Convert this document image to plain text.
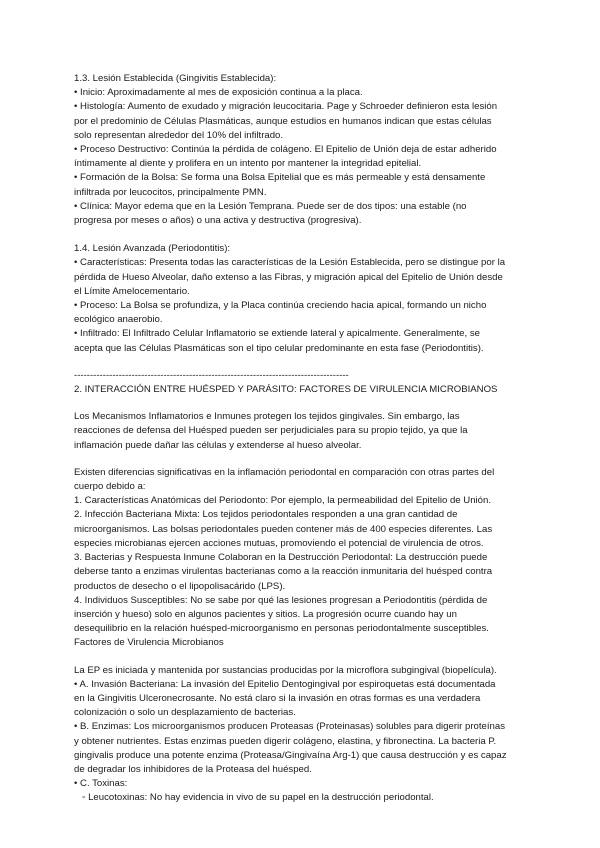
1.3. Lesión Establecida (Gingivitis Establecida):
• Inicio: Aproximadamente al mes de exposición continua a la placa.
• Histología: Aumento de exudado y migración leucocitaria. Page y Schroeder definieron esta lesión
por el predominio de Células Plasmáticas, aunque estudios en humanos indican que estas células
solo representan alrededor del 10% del infiltrado.
• Proceso Destructivo: Continúa la pérdida de colágeno. El Epitelio de Unión deja de estar adherido
íntimamente al diente y prolifera en un intento por mantener la integridad epitelial.
• Formación de la Bolsa: Se forma una Bolsa Epitelial que es más permeable y está densamente
infiltrada por leucocitos, principalmente PMN.
• Clínica: Mayor edema que en la Lesión Temprana. Puede ser de dos tipos: una estable (no
progresa por meses o años) o una activa y destructiva (progresiva).
1.4. Lesión Avanzada (Periodontitis):
• Características: Presenta todas las características de la Lesión Establecida, pero se distingue por la
pérdida de Hueso Alveolar, daño extenso a las Fibras, y migración apical del Epitelio de Unión desde
el Límite Amelocementario.
• Proceso: La Bolsa se profundiza, y la Placa continúa creciendo hacia apical, formando un nicho
ecológico anaerobio.
• Infiltrado: El Infiltrado Celular Inflamatorio se extiende lateral y apicalmente. Generalmente, se
acepta que las Células Plasmáticas son el tipo celular predominante en esta fase (Periodontitis).
--------------------------------------------------------------------------------------
2. INTERACCIÓN ENTRE HUÉSPED Y PARÁSITO: FACTORES DE VIRULENCIA MICROBIANOS
Los Mecanismos Inflamatorios e Inmunes protegen los tejidos gingivales. Sin embargo, las
reacciones de defensa del Huésped pueden ser perjudiciales para su propio tejido, ya que la
inflamación puede dañar las células y extenderse al hueso alveolar.
Existen diferencias significativas en la inflamación periodontal en comparación con otras partes del
cuerpo debido a:
1. Características Anatómicas del Periodonto: Por ejemplo, la permeabilidad del Epitelio de Unión.
2. Infección Bacteriana Mixta: Los tejidos periodontales responden a una gran cantidad de
microorganismos. Las bolsas periodontales pueden contener más de 400 especies diferentes. Las
especies microbianas ejercen acciones mutuas, promoviendo el potencial de virulencia de otros.
3. Bacterias y Respuesta Inmune Colaboran en la Destrucción Periodontal: La destrucción puede
deberse tanto a enzimas virulentas bacterianas como a la reacción inmunitaria del huésped contra
productos de desecho o el lipopolisacárido (LPS).
4. Individuos Susceptibles: No se sabe por qué las lesiones progresan a Periodontitis (pérdida de
inserción y hueso) solo en algunos pacientes y sitios. La progresión ocurre cuando hay un
desequilibrio en la relación huésped-microorganismo en personas periodontalmente susceptibles.
Factores de Virulencia Microbianos
La EP es iniciada y mantenida por sustancias producidas por la microflora subgingival (biopelícula).
• A. Invasión Bacteriana: La invasión del Epitelio Dentogingival por espiroquetas está documentada
en la Gingivitis Ulceronecrosante. No está claro si la invasión en otras formas es una verdadera
colonización o solo un desplazamiento de bacterias.
• B. Enzimas: Los microorganismos producen Proteasas (Proteinasas) solubles para digerir proteínas
y obtener nutrientes. Estas enzimas pueden digerir colágeno, elastina, y fibronectina. La bacteria P.
gingivalis produce una potente enzima (Proteasa/Gingivaína Arg-1) que causa destrucción y es capaz
de degradar los inhibidores de la Proteasa del huésped.
• C. Toxinas:
◦ Leucotoxinas: No hay evidencia in vivo de su papel en la destrucción periodontal.
